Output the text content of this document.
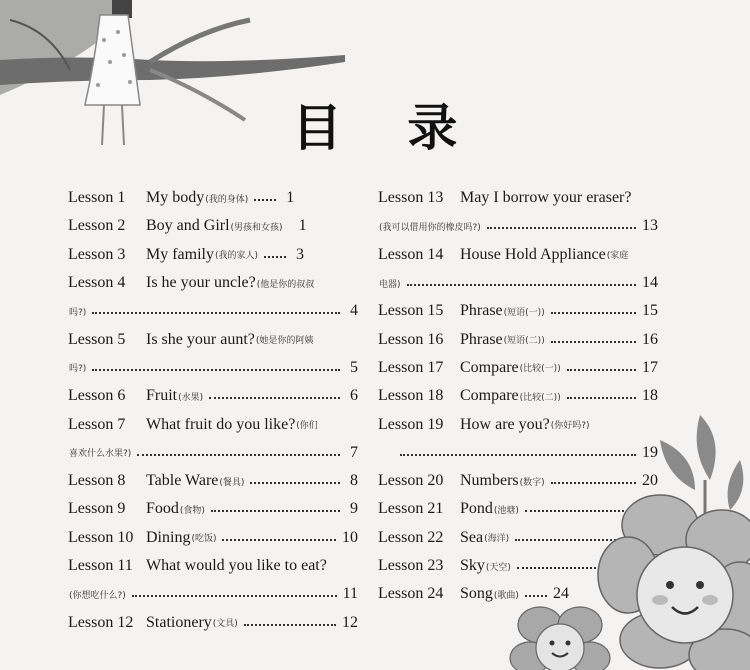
目 录
Lesson 1	My body (我的身体) 1
Lesson 2	Boy and Girl (男孩和女孩) 1
Lesson 3	My family (我的家人) 3
Lesson 4	Is he your uncle? (他是你的叔叔
吗?)	4
Lesson 5	Is she your aunt? (她是你的阿姨
吗?)	5
Lesson 6	Fruit (水果)	6
Lesson 7	What fruit do you like? (你们
喜欢什么水果?)	7
Lesson 8	Table Ware (餐具)	8
Lesson 9	Food (食物)	9
Lesson 10 Dining (吃饭)	10
Lesson 11 What would you like to eat?
(你想吃什么?)	11
Lesson 12 Stationery (文具)	12
Lesson 13	May I borrow your eraser?
(我可以借用你的橡皮吗?)	13
Lesson 14	House Hold Appliance (家庭
电器)	14
Lesson 15	Phrase (短语(一))	15
Lesson 16	Phrase (短语(二))	16
Lesson 17	Compare (比较(一))	17
Lesson 18	Compare (比较(二))	18
Lesson 19	How are you? (你好吗?)
19
Lesson 20	Numbers (数字)	20
Lesson 21	Pond (池塘)
Lesson 22	Sea (海洋)
Lesson 23	Sky (天空)
Lesson 24	Song (歌曲) 24
